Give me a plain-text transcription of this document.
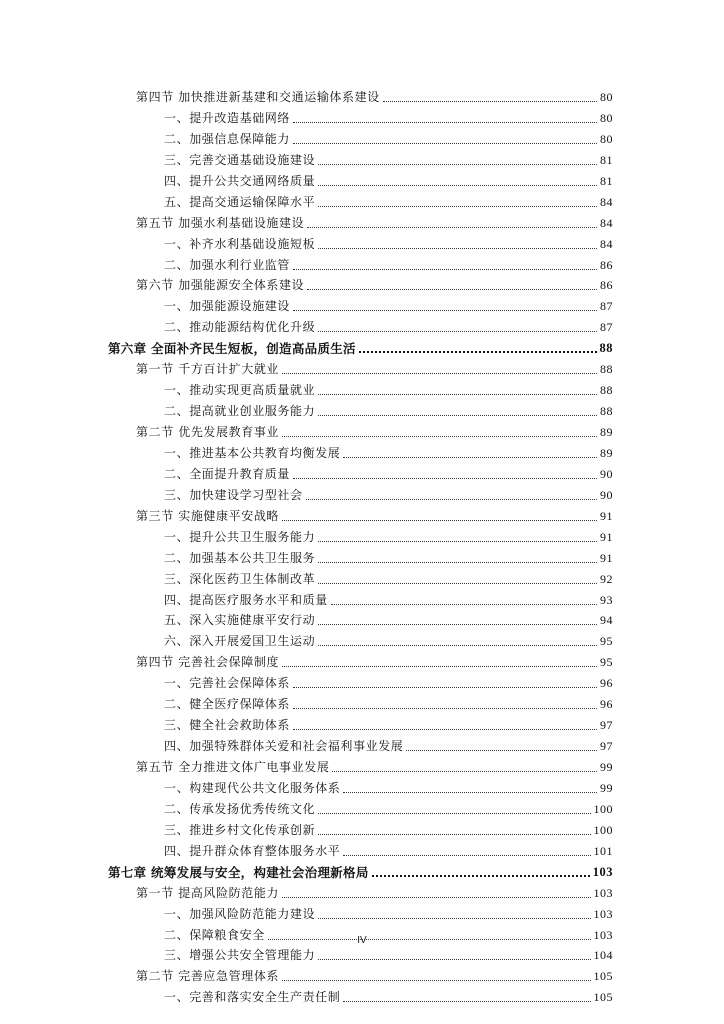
第四节 加快推进新基建和交通运输体系建设	80
一、提升改造基础网络	80
二、加强信息保障能力	80
三、完善交通基础设施建设	81
四、提升公共交通网络质量	81
五、提高交通运输保障水平	84
第五节 加强水利基础设施建设	84
一、补齐水利基础设施短板	84
二、加强水利行业监管	86
第六节 加强能源安全体系建设	86
一、加强能源设施建设	87
二、推动能源结构优化升级	87
第六章 全面补齐民生短板，创造高品质生活	88
第一节 千方百计扩大就业	88
一、推动实现更高质量就业	88
二、提高就业创业服务能力	88
第二节 优先发展教育事业	89
一、推进基本公共教育均衡发展	89
二、全面提升教育质量	90
三、加快建设学习型社会	90
第三节 实施健康平安战略	91
一、提升公共卫生服务能力	91
二、加强基本公共卫生服务	91
三、深化医药卫生体制改革	92
四、提高医疗服务水平和质量	93
五、深入实施健康平安行动	94
六、深入开展爱国卫生运动	95
第四节 完善社会保障制度	95
一、完善社会保障体系	96
二、健全医疗保障体系	96
三、健全社会救助体系	97
四、加强特殊群体关爱和社会福利事业发展	97
第五节 全力推进文体广电事业发展	99
一、构建现代公共文化服务体系	99
二、传承发扬优秀传统文化	100
三、推进乡村文化传承创新	100
四、提升群众体育整体服务水平	101
第七章 统筹发展与安全，构建社会治理新格局	103
第一节 提高风险防范能力	103
一、加强风险防范能力建设	103
二、保障粮食安全	103
三、增强公共安全管理能力	104
第二节 完善应急管理体系	105
一、完善和落实安全生产责任制	105
IV
